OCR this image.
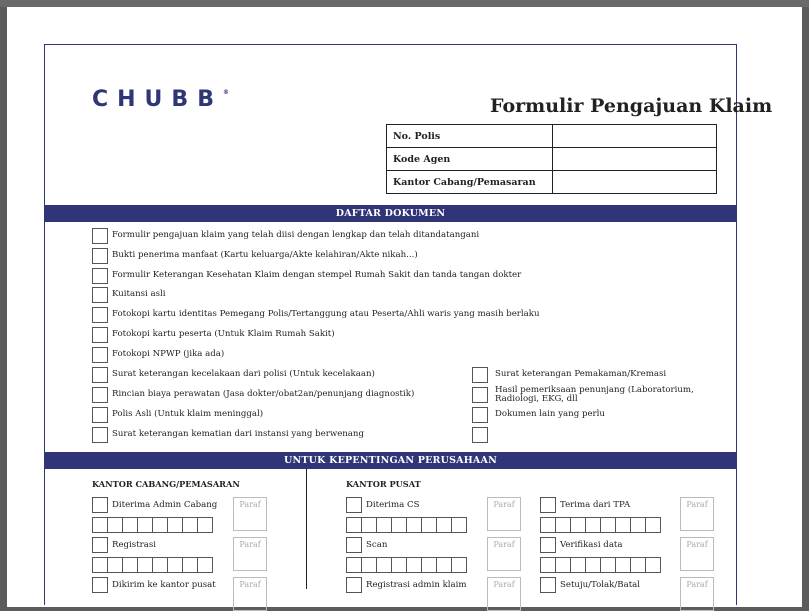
CHUBB®
Formulir Pengajuan Klaim
No. Polis	
Kode Agen	
Kantor Cabang/Pemasaran	
DAFTAR DOKUMEN
Formulir pengajuan klaim yang telah diisi dengan lengkap dan telah ditandatangani
Bukti penerima manfaat (Kartu keluarga/Akte kelahiran/Akte nikah...)
Formulir Keterangan Kesehatan Klaim dengan stempel Rumah Sakit dan tanda tangan dokter
Kuitansi asli
Fotokopi kartu identitas Pemegang Polis/Tertanggung atau Peserta/Ahli waris yang masih berlaku
Fotokopi kartu peserta (Untuk Klaim Rumah Sakit)
Fotokopi NPWP (jika ada)
Surat keterangan kecelakaan dari polisi (Untuk kecelakaan)
Rincian biaya perawatan (Jasa dokter/obat2an/penunjang diagnostik)
Polis Asli (Untuk klaim meninggal)
Surat keterangan kematian dari instansi yang berwenang
Surat keterangan Pemakaman/Kremasi
Hasil pemeriksaan penunjang (Laboratorium,
Radiologi, EKG, dll
Dokumen lain yang perlu
UNTUK KEPENTINGAN PERUSAHAAN
KANTOR CABANG/PEMASARAN
Diterima Admin Cabang	Paraf
Registrasi	Paraf
Dikirim ke kantor pusat	Paraf
KANTOR PUSAT
Diterima CS	Paraf
Scan	Paraf
Registrasi admin klaim	Paraf
Terima dari TPA	Paraf
Verifikasi data	Paraf
Setuju/Tolak/Batal	Paraf
